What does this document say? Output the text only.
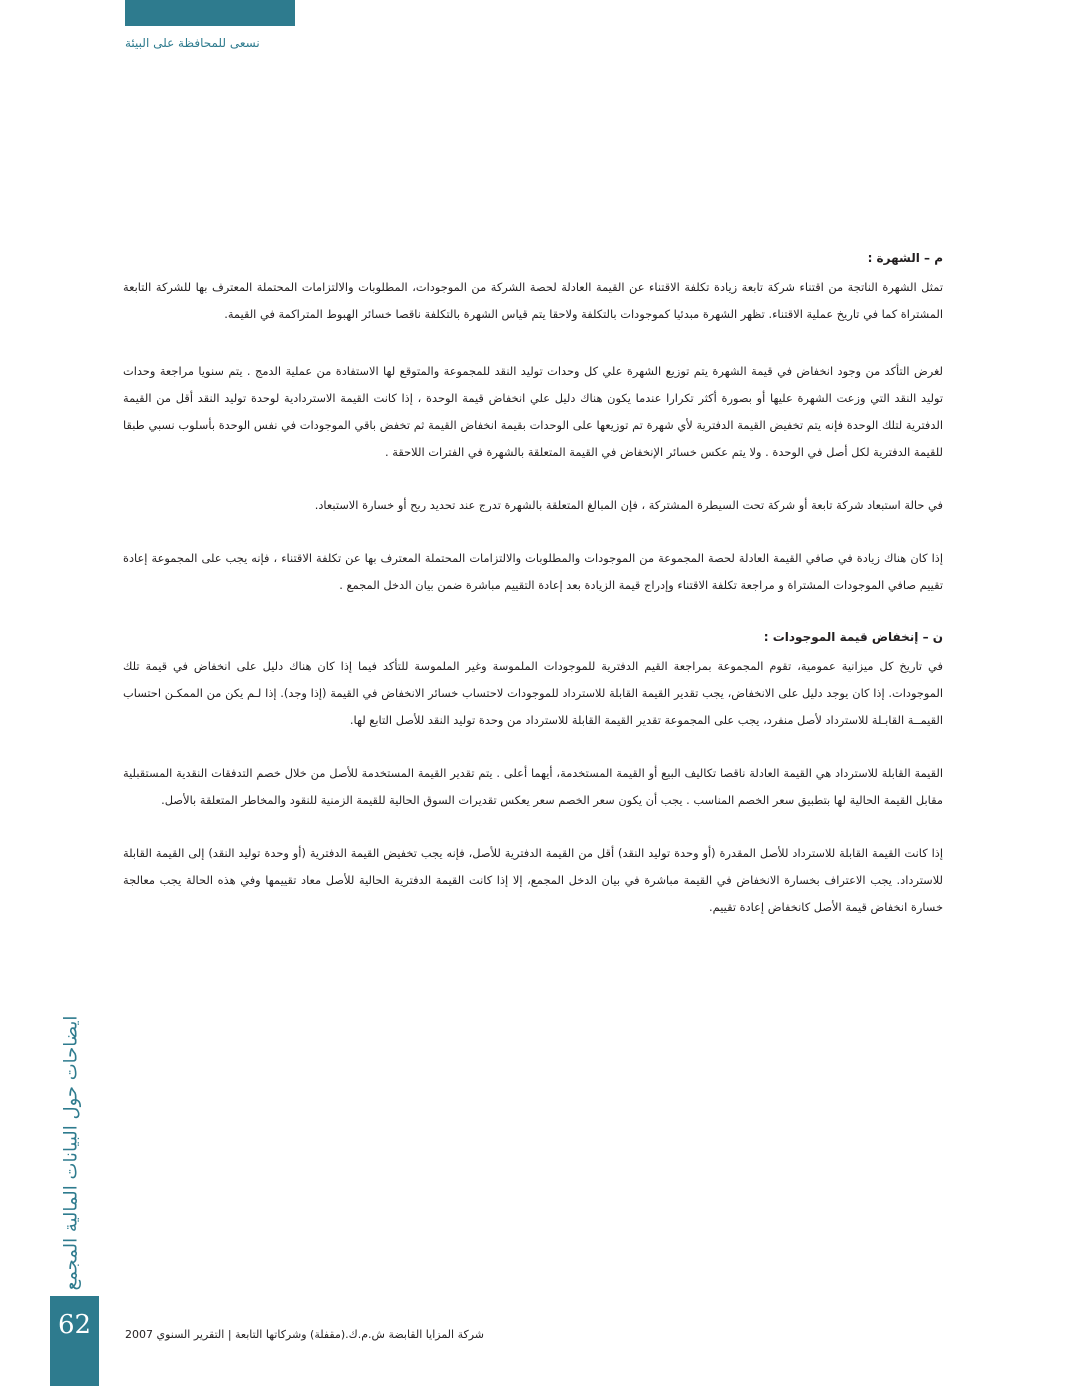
نسعى للمحافظة على البيئة
م – الشهرة :

تمثل الشهرة الناتجة من اقتناء شركة تابعة زيادة تكلفة الاقتناء عن القيمة العادلة لحصة الشركة من الموجودات، المطلوبات والالتزامات المحتملة المعترف بها للشركة التابعة المشتراة كما في تاريخ عملية الاقتناء. تظهر الشهرة مبدئيا كموجودات بالتكلفة ولاحقا يتم قياس الشهرة بالتكلفة ناقصا خسائر الهبوط المتراكمة في القيمة.

لغرض التأكد من وجود انخفاض في قيمة الشهرة يتم توزيع الشهرة علي كل وحدات توليد النقد للمجموعة والمتوقع لها الاستفادة من عملية الدمج . يتم سنويا مراجعة وحدات توليد النقد التي وزعت الشهرة عليها أو بصورة أكثر تكرارا عندما يكون هناك دليل علي انخفاض قيمة الوحدة ، إذا كانت القيمة الاستردادية لوحدة توليد النقد أقل من القيمة الدفترية لتلك الوحدة فإنه يتم تخفيض القيمة الدفترية لأي شهرة تم توزيعها على الوحدات بقيمة انخفاض القيمة ثم تخفض باقي الموجودات في نفس الوحدة بأسلوب نسبي طبقا للقيمة الدفترية لكل أصل في الوحدة . ولا يتم عكس خسائر الإنخفاض في القيمة المتعلقة بالشهرة في الفترات اللاحقة .

في حالة استبعاد شركة تابعة أو شركة تحت السيطرة المشتركة ، فإن المبالغ المتعلقة بالشهرة تدرج عند تحديد ربح أو خسارة الاستبعاد.

إذا كان هناك زيادة في صافي القيمة العادلة لحصة المجموعة من الموجودات والمطلوبات والالتزامات المحتملة المعترف بها عن تكلفة الاقتناء ، فإنه يجب على المجموعة إعادة تقييم صافي الموجودات المشتراة و مراجعة تكلفة الاقتناء وإدراج قيمة الزيادة بعد إعادة التقييم مباشرة ضمن بيان الدخل المجمع .

ن – إنخفاض قيمة الموجودات :

في تاريخ كل ميزانية عمومية، تقوم المجموعة بمراجعة القيم الدفترية للموجودات الملموسة وغير الملموسة للتأكد فيما إذا كان هناك دليل على انخفاض في قيمة تلك الموجودات. إذا كان يوجد دليل على الانخفاض، يجب تقدير القيمة القابلة للاسترداد للموجودات لاحتساب خسائر الانخفاض في القيمة (إذا وجد). إذا لـم يكن من الممكـن احتساب القيمــة القابـلة للاسترداد لأصل منفرد، يجب على المجموعة تقدير القيمة القابلة للاسترداد من وحدة توليد النقد للأصل التابع لها.

القيمة القابلة للاسترداد هي القيمة العادلة ناقصا تكاليف البيع أو القيمة المستخدمة، أيهما أعلى . يتم تقدير القيمة المستخدمة للأصل من خلال خصم التدفقات النقدية المستقبلية مقابل القيمة الحالية لها بتطبيق سعر الخصم المناسب . يجب أن يكون سعر الخصم سعر يعكس تقديرات السوق الحالية للقيمة الزمنية للنقود والمخاطر المتعلقة بالأصل.

إذا كانت القيمة القابلة للاسترداد للأصل المقدرة (أو وحدة توليد النقد) أقل من القيمة الدفترية للأصل، فإنه يجب تخفيض القيمة الدفترية (أو وحدة توليد النقد) إلى القيمة القابلة للاسترداد. يجب الاعتراف بخسارة الانخفاض في القيمة مباشرة في بيان الدخل المجمع، إلا إذا كانت القيمة الدفترية الحالية للأصل معاد تقييمها وفي هذه الحالة يجب معالجة خسارة انخفاض قيمة الأصل كانخفاض إعادة تقييم.

ايضاحات حول البيانات المالية المجمع
62	شركة المزايا القابضة ش.م.ك.(مقفلة) وشركاتها التابعة | التقرير السنوي 2007
